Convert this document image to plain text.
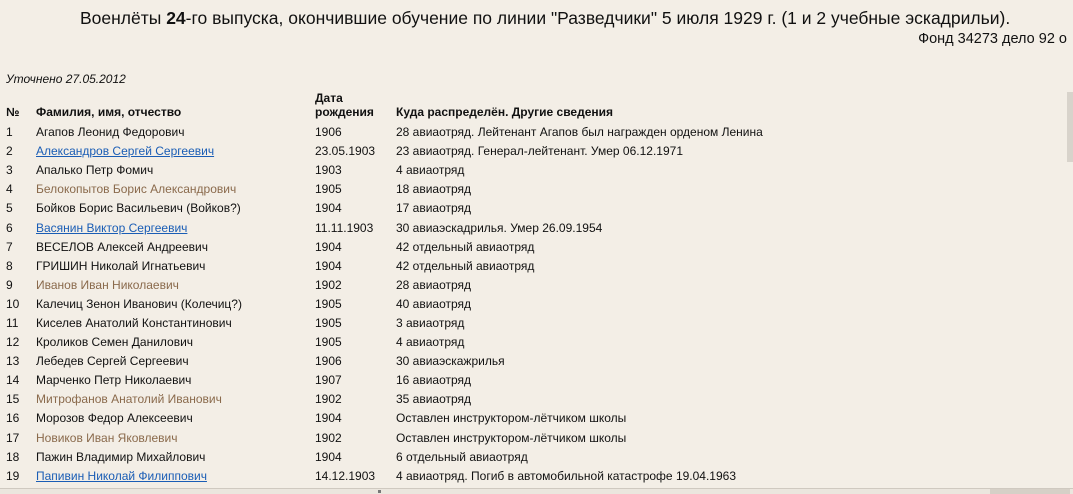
Военлёты 24-го выпуска, окончившие обучение по линии "Разведчики" 5 июля 1929 г. (1 и 2 учебные эскадрильи).
Фонд 34273 дело 92 о
Уточнено 27.05.2012
№	Фамилия, имя, отчество	Дата
рождения	Куда распределён. Другие сведения
1	Агапов Леонид Федорович	1906	28 авиаотряд. Лейтенант Агапов был награжден орденом Ленина
2	Александров Сергей Сергеевич	23.05.1903	23 авиаотряд. Генерал-лейтенант. Умер 06.12.1971
3	Апалько Петр Фомич	1903	4 авиаотряд
4	Белокопытов Борис Александрович	1905	18 авиаотряд
5	Бойков Борис Васильевич (Войков?)	1904	17 авиаотряд
6	Васянин Виктор Сергеевич	11.11.1903	30 авиаэскадрилья. Умер 26.09.1954
7	ВЕСЕЛОВ Алексей Андреевич	1904	42 отдельный авиаотряд
8	ГРИШИН Николай Игнатьевич	1904	42 отдельный авиаотряд
9	Иванов Иван Николаевич	1902	28 авиаотряд
10	Калечиц Зенон Иванович (Колечиц?)	1905	40 авиаотряд
11	Киселев Анатолий Константинович	1905	3 авиаотряд
12	Кроликов Семен Данилович	1905	4 авиаотряд
13	Лебедев Сергей Сергеевич	1906	30 авиаэскажрилья
14	Марченко Петр Николаевич	1907	16 авиаотряд
15	Митрофанов Анатолий Иванович	1902	35 авиаотряд
16	Морозов Федор Алексеевич	1904	Оставлен инструктором-лётчиком школы
17	Новиков Иван Яковлевич	1902	Оставлен инструктором-лётчиком школы
18	Пажин Владимир Михайлович	1904	6 отдельный авиаотряд
19	Папивин Николай Филиппович	14.12.1903	4 авиаотряд. Погиб в автомобильной катастрофе 19.04.1963
